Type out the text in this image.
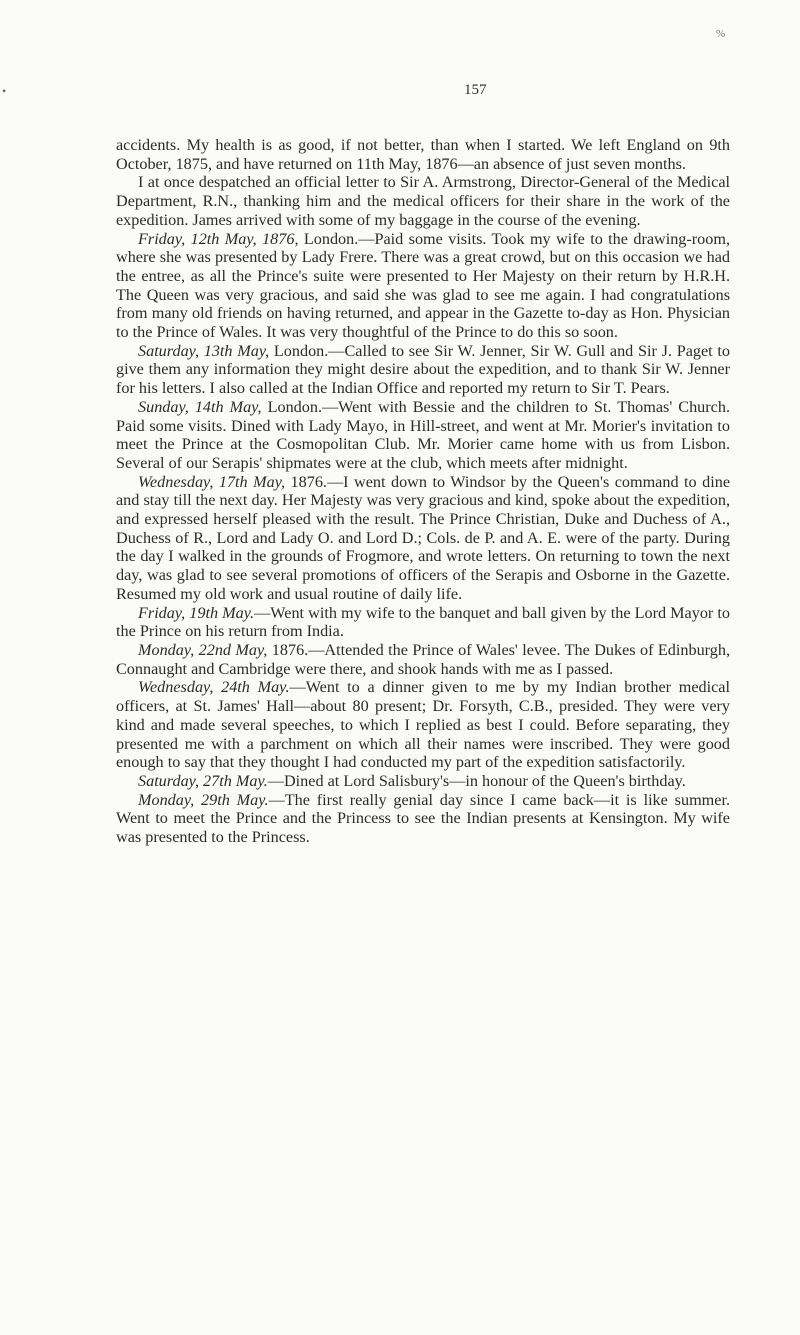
%
•	157

accidents. My health is as good, if not better, than when I started. We left England on 9th October, 1875, and have returned on 11th May, 1876—an absence of just seven months.

I at once despatched an official letter to Sir A. Armstrong, Director-General of the Medical Department, R.N., thanking him and the medical officers for their share in the work of the expedition. James arrived with some of my baggage in the course of the evening.

Friday, 12th May, 1876, London.—Paid some visits. Took my wife to the drawing-room, where she was presented by Lady Frere. There was a great crowd, but on this occasion we had the entree, as all the Prince's suite were presented to Her Majesty on their return by H.R.H. The Queen was very gracious, and said she was glad to see me again. I had congratulations from many old friends on having returned, and appear in the Gazette to-day as Hon. Physician to the Prince of Wales. It was very thoughtful of the Prince to do this so soon.

Saturday, 13th May, London.—Called to see Sir W. Jenner, Sir W. Gull and Sir J. Paget to give them any information they might desire about the expedition, and to thank Sir W. Jenner for his letters. I also called at the Indian Office and reported my return to Sir T. Pears.

Sunday, 14th May, London.—Went with Bessie and the children to St. Thomas' Church. Paid some visits. Dined with Lady Mayo, in Hill-street, and went at Mr. Morier's invitation to meet the Prince at the Cosmopolitan Club. Mr. Morier came home with us from Lisbon. Several of our Serapis' shipmates were at the club, which meets after midnight.

Wednesday, 17th May, 1876.—I went down to Windsor by the Queen's command to dine and stay till the next day. Her Majesty was very gracious and kind, spoke about the expedition, and expressed herself pleased with the result. The Prince Christian, Duke and Duchess of A., Duchess of R., Lord and Lady O. and Lord D.; Cols. de P. and A. E. were of the party. During the day I walked in the grounds of Frogmore, and wrote letters. On returning to town the next day, was glad to see several promotions of officers of the Serapis and Osborne in the Gazette. Resumed my old work and usual routine of daily life.

Friday, 19th May.—Went with my wife to the banquet and ball given by the Lord Mayor to the Prince on his return from India.

Monday, 22nd May, 1876.—Attended the Prince of Wales' levee. The Dukes of Edinburgh, Connaught and Cambridge were there, and shook hands with me as I passed.

Wednesday, 24th May.—Went to a dinner given to me by my Indian brother medical officers, at St. James' Hall—about 80 present; Dr. Forsyth, C.B., presided. They were very kind and made several speeches, to which I replied as best I could. Before separating, they presented me with a parchment on which all their names were inscribed. They were good enough to say that they thought I had conducted my part of the expedition satisfactorily.

Saturday, 27th May.—Dined at Lord Salisbury's—in honour of the Queen's birthday.

Monday, 29th May.—The first really genial day since I came back—it is like summer. Went to meet the Prince and the Princess to see the Indian presents at Kensington. My wife was presented to the Princess.
